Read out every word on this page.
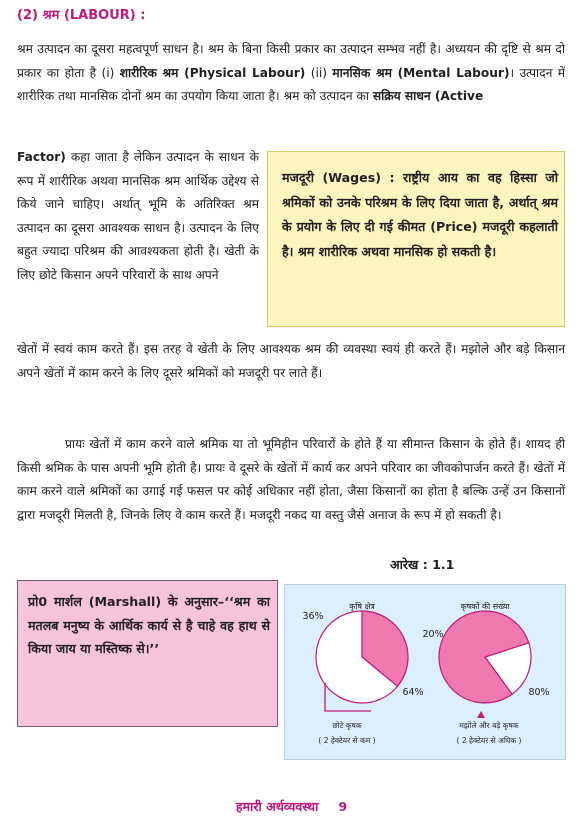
(2) श्रम (LABOUR) :
श्रम उत्पादन का दूसरा महत्वपूर्ण साधन है। श्रम के बिना किसी प्रकार का उत्पादन सम्भव नहीं है। अध्ययन की दृष्टि से श्रम दो प्रकार का होता है (i) शारीरिक श्रम (Physical Labour) (ii) मानसिक श्रम (Mental Labour)। उत्पादन में शारीरिक तथा मानसिक दोनों श्रम का उपयोग किया जाता है। श्रम को उत्पादन का सक्रिय साधन (Active
Factor) कहा जाता है लेकिन उत्पादन के साधन के रूप में शारीरिक अथवा मानसिक श्रम आर्थिक उद्देश्य से किये जाने चाहिए। अर्थात् भूमि के अतिरिक्त श्रम उत्पादन का दूसरा आवश्यक साधन है। उत्पादन के लिए बहुत ज्यादा परिश्रम की आवश्यकता होती है। खेती के लिए छोटे किसान अपने परिवारों के साथ अपने
मजदूरी (Wages) : राष्ट्रीय आय का वह हिस्सा जो श्रमिकों को उनके परिश्रम के लिए दिया जाता है, अर्थात् श्रम के प्रयोग के लिए दी गई कीमत (Price) मजदूरी कहलाती है। श्रम शारीरिक अथवा मानसिक हो सकती है।
खेतों में स्वयं काम करते हैं। इस तरह वे खेती के लिए आवश्यक श्रम की व्यवस्था स्वयं ही करते हैं। मझोले और बड़े किसान अपने खेतों में काम करने के लिए दूसरे श्रमिकों को मजदूरी पर लाते हैं।
प्रायः खेतों में काम करने वाले श्रमिक या तो भूमिहीन परिवारों के होते हैं या सीमान्त किसान के होते हैं। शायद ही किसी श्रमिक के पास अपनी भूमि होती है। प्रायः वे दूसरे के खेतों में कार्य कर अपने परिवार का जीवकोपार्जन करते हैं। खेतों में काम करने वाले श्रमिकों का उगाई गई फसल पर कोई अधिकार नहीं होता, जैसा किसानों का होता है बल्कि उन्हें उन किसानों द्वारा मजदूरी मिलती है, जिनके लिए वे काम करते हैं। मजदूरी नकद या वस्तु जैसे अनाज के रूप में हो सकती है।
आरेख : 1.1
प्रो0 मार्शल (Marshall) के अनुसार–‘‘श्रम का मतलब मनुष्य के आर्थिक कार्य से है चाहे वह हाथ से किया जाय या मस्तिष्क से।’’
कृषि क्षेत्र	कृषकों की संख्या
36%
64%
20%
80%
छोटे कृषक
( 2 हेक्टेयर से कम )
मझोले और बड़े कृषक
( 2 हेक्टेयर से अधिक )
हमारी अर्थव्यवस्था 9
